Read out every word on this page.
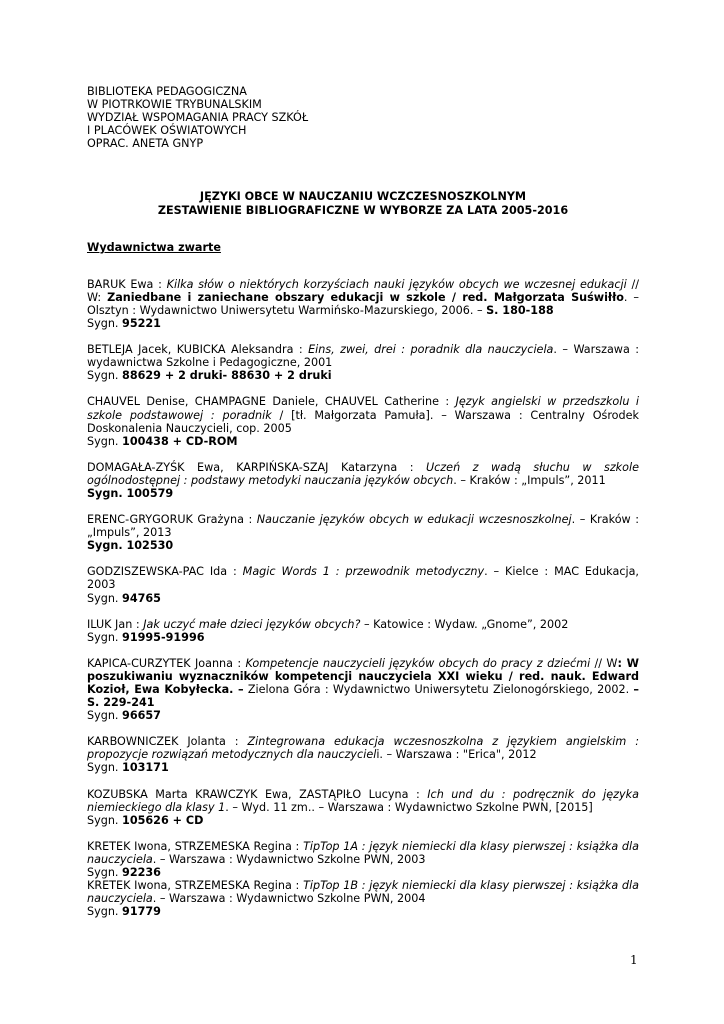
BIBLIOTEKA PEDAGOGICZNA
W PIOTRKOWIE TRYBUNALSKIM
WYDZIAŁ WSPOMAGANIA PRACY SZKÓŁ
I PLACÓWEK OŚWIATOWYCH
OPRAC. ANETA GNYP
JĘZYKI OBCE W NAUCZANIU WCZCZESNOSZKOLNYM
ZESTAWIENIE BIBLIOGRAFICZNE W WYBORZE ZA LATA 2005-2016
Wydawnictwa zwarte
BARUK Ewa : Kilka słów o niektórych korzyściach nauki języków obcych we wczesnej edukacji // W: Zaniedbane i zaniechane obszary edukacji w szkole / red. Małgorzata Suświłło. – Olsztyn : Wydawnictwo Uniwersytetu Warmińsko-Mazurskiego, 2006. – S. 180-188
Sygn. 95221
BETLEJA Jacek, KUBICKA Aleksandra : Eins, zwei, drei : poradnik dla nauczyciela. – Warszawa : wydawnictwa Szkolne i Pedagogiczne, 2001
Sygn. 88629 + 2 druki- 88630 + 2 druki
CHAUVEL Denise, CHAMPAGNE Daniele, CHAUVEL Catherine : Język angielski w przedszkolu i szkole podstawowej : poradnik / [tł. Małgorzata Pamuła]. – Warszawa : Centralny Ośrodek Doskonalenia Nauczycieli, cop. 2005
Sygn. 100438 + CD-ROM
DOMAGAŁA-ZYŚK Ewa, KARPIŃSKA-SZAJ Katarzyna : Uczeń z wadą słuchu w szkole ogólnodostępnej : podstawy metodyki nauczania języków obcych. – Kraków : „Impuls”, 2011
Sygn. 100579
ERENC-GRYGORUK Grażyna : Nauczanie języków obcych w edukacji wczesnoszkolnej. – Kraków : „Impuls”, 2013
Sygn. 102530
GODZISZEWSKA-PAC Ida : Magic Words 1 : przewodnik metodyczny. – Kielce : MAC Edukacja, 2003
Sygn. 94765
ILUK Jan : Jak uczyć małe dzieci języków obcych? – Katowice : Wydaw. „Gnome”, 2002
Sygn. 91995-91996
KAPICA-CURZYTEK Joanna : Kompetencje nauczycieli języków obcych do pracy z dziećmi // W: W poszukiwaniu wyznaczników kompetencji nauczyciela XXI wieku / red. nauk. Edward Kozioł, Ewa Kobyłecka. – Zielona Góra : Wydawnictwo Uniwersytetu Zielonogórskiego, 2002. – S. 229-241
Sygn. 96657
KARBOWNICZEK Jolanta : Zintegrowana edukacja wczesnoszkolna z językiem angielskim : propozycje rozwiązań metodycznych dla nauczycieli. – Warszawa : "Erica", 2012
Sygn. 103171
KOZUBSKA Marta KRAWCZYK Ewa, ZASTĄPIŁO Lucyna : Ich und du : podręcznik do języka niemieckiego dla klasy 1. – Wyd. 11 zm.. – Warszawa : Wydawnictwo Szkolne PWN, [2015]
Sygn. 105626 + CD
KRETEK Iwona, STRZEMESKA Regina : TipTop 1A : język niemiecki dla klasy pierwszej : książka dla nauczyciela. – Warszawa : Wydawnictwo Szkolne PWN, 2003
Sygn. 92236
KRETEK Iwona, STRZEMESKA Regina : TipTop 1B : język niemiecki dla klasy pierwszej : książka dla nauczyciela. – Warszawa : Wydawnictwo Szkolne PWN, 2004
Sygn. 91779
1
